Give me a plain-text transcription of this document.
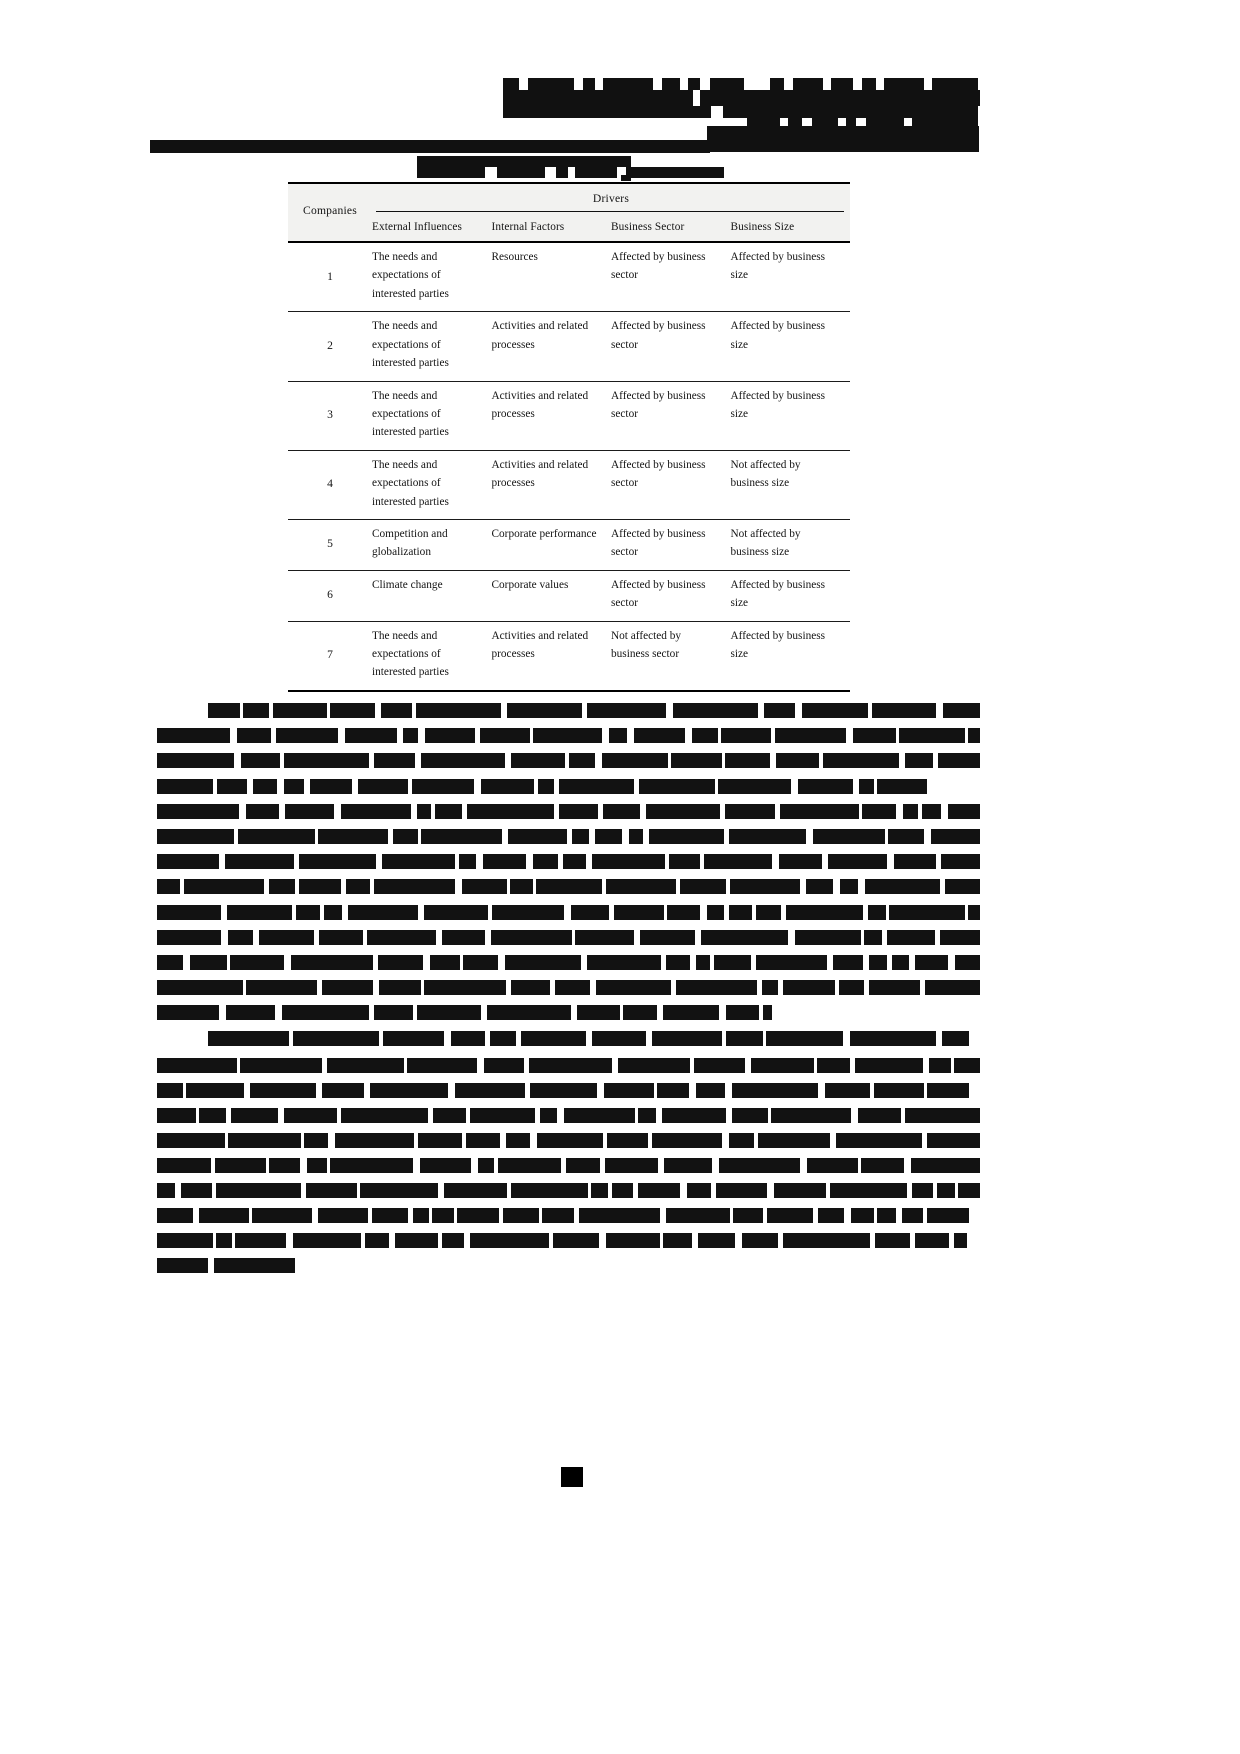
Companies	Drivers			

	External Influences	Internal Factors	Business Sector	Business Size
1	The needs and expectations of interested parties	Resources	Affected by business sector	Affected by business size
2	The needs and expectations of interested parties	Activities and related processes	Affected by business sector	Affected by business size
3	The needs and expectations of interested parties	Activities and related processes	Affected by business sector	Affected by business size
4	The needs and expectations of interested parties	Activities and related processes	Affected by business sector	Not affected by business size
5	Competition and globalization	Corporate performance	Affected by business sector	Not affected by business size
6	Climate change	Corporate values	Affected by business sector	Affected by business size
7	The needs and expectations of interested parties	Activities and related processes	Not affected by business sector	Affected by business size
